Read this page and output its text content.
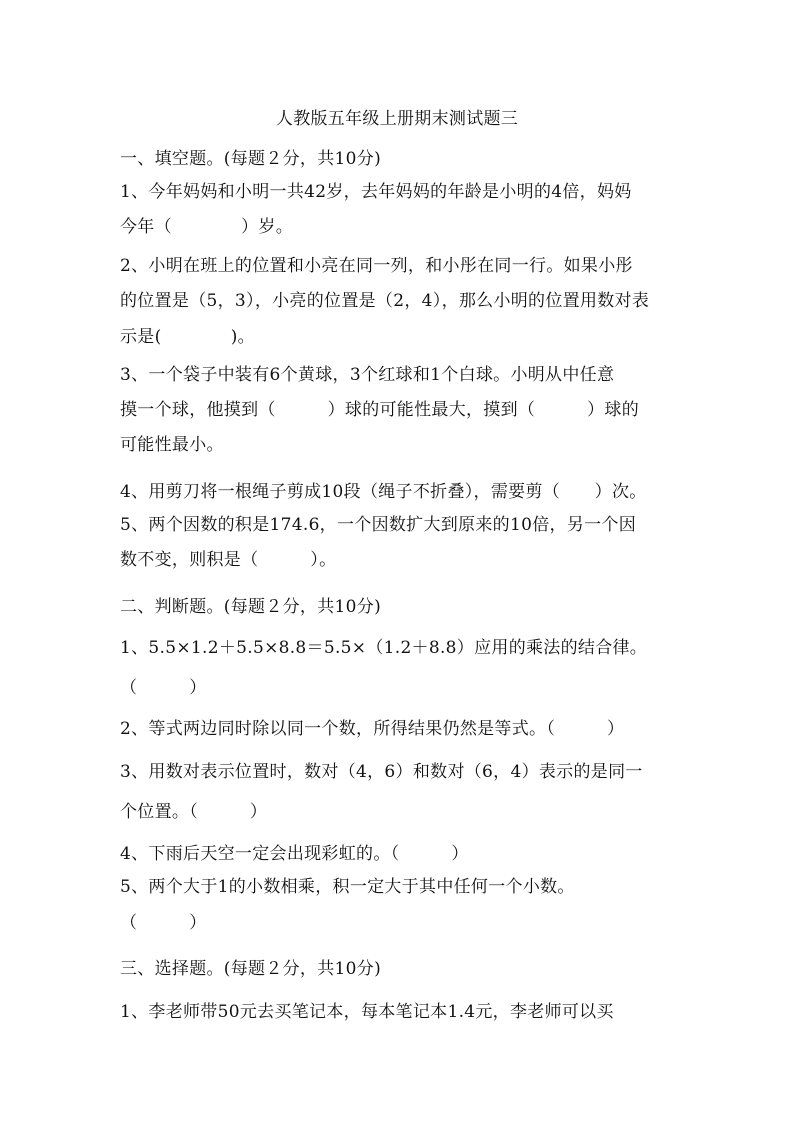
人教版五年级上册期末测试题三
一、填空题。(每题２分，共10分)
1、今年妈妈和小明一共42岁，去年妈妈的年龄是小明的4倍，妈妈
今年（　　　　）岁。
2、小明在班上的位置和小亮在同一列，和小彤在同一行。如果小彤
的位置是（5，3），小亮的位置是（2，4），那么小明的位置用数对表
示是(　　　　)。
3、一个袋子中装有6个黄球，3个红球和1个白球。小明从中任意
摸一个球，他摸到（　　　）球的可能性最大，摸到（　　　）球的
可能性最小。
4、用剪刀将一根绳子剪成10段（绳子不折叠），需要剪（　　）次。
5、两个因数的积是174.6，一个因数扩大到原来的10倍，另一个因
数不变，则积是（　　　）。
二、判断题。(每题２分，共10分)
1、5.5×1.2＋5.5×8.8＝5.5×（1.2＋8.8）应用的乘法的结合律。
（　　　）
2、等式两边同时除以同一个数，所得结果仍然是等式。（　　　）
3、用数对表示位置时，数对（4，6）和数对（6，4）表示的是同一
个位置。（　　　）
4、下雨后天空一定会出现彩虹的。（　　　）
5、两个大于1的小数相乘，积一定大于其中任何一个小数。
（　　　）
三、选择题。(每题２分，共10分)
1、李老师带50元去买笔记本，每本笔记本1.4元，李老师可以买
